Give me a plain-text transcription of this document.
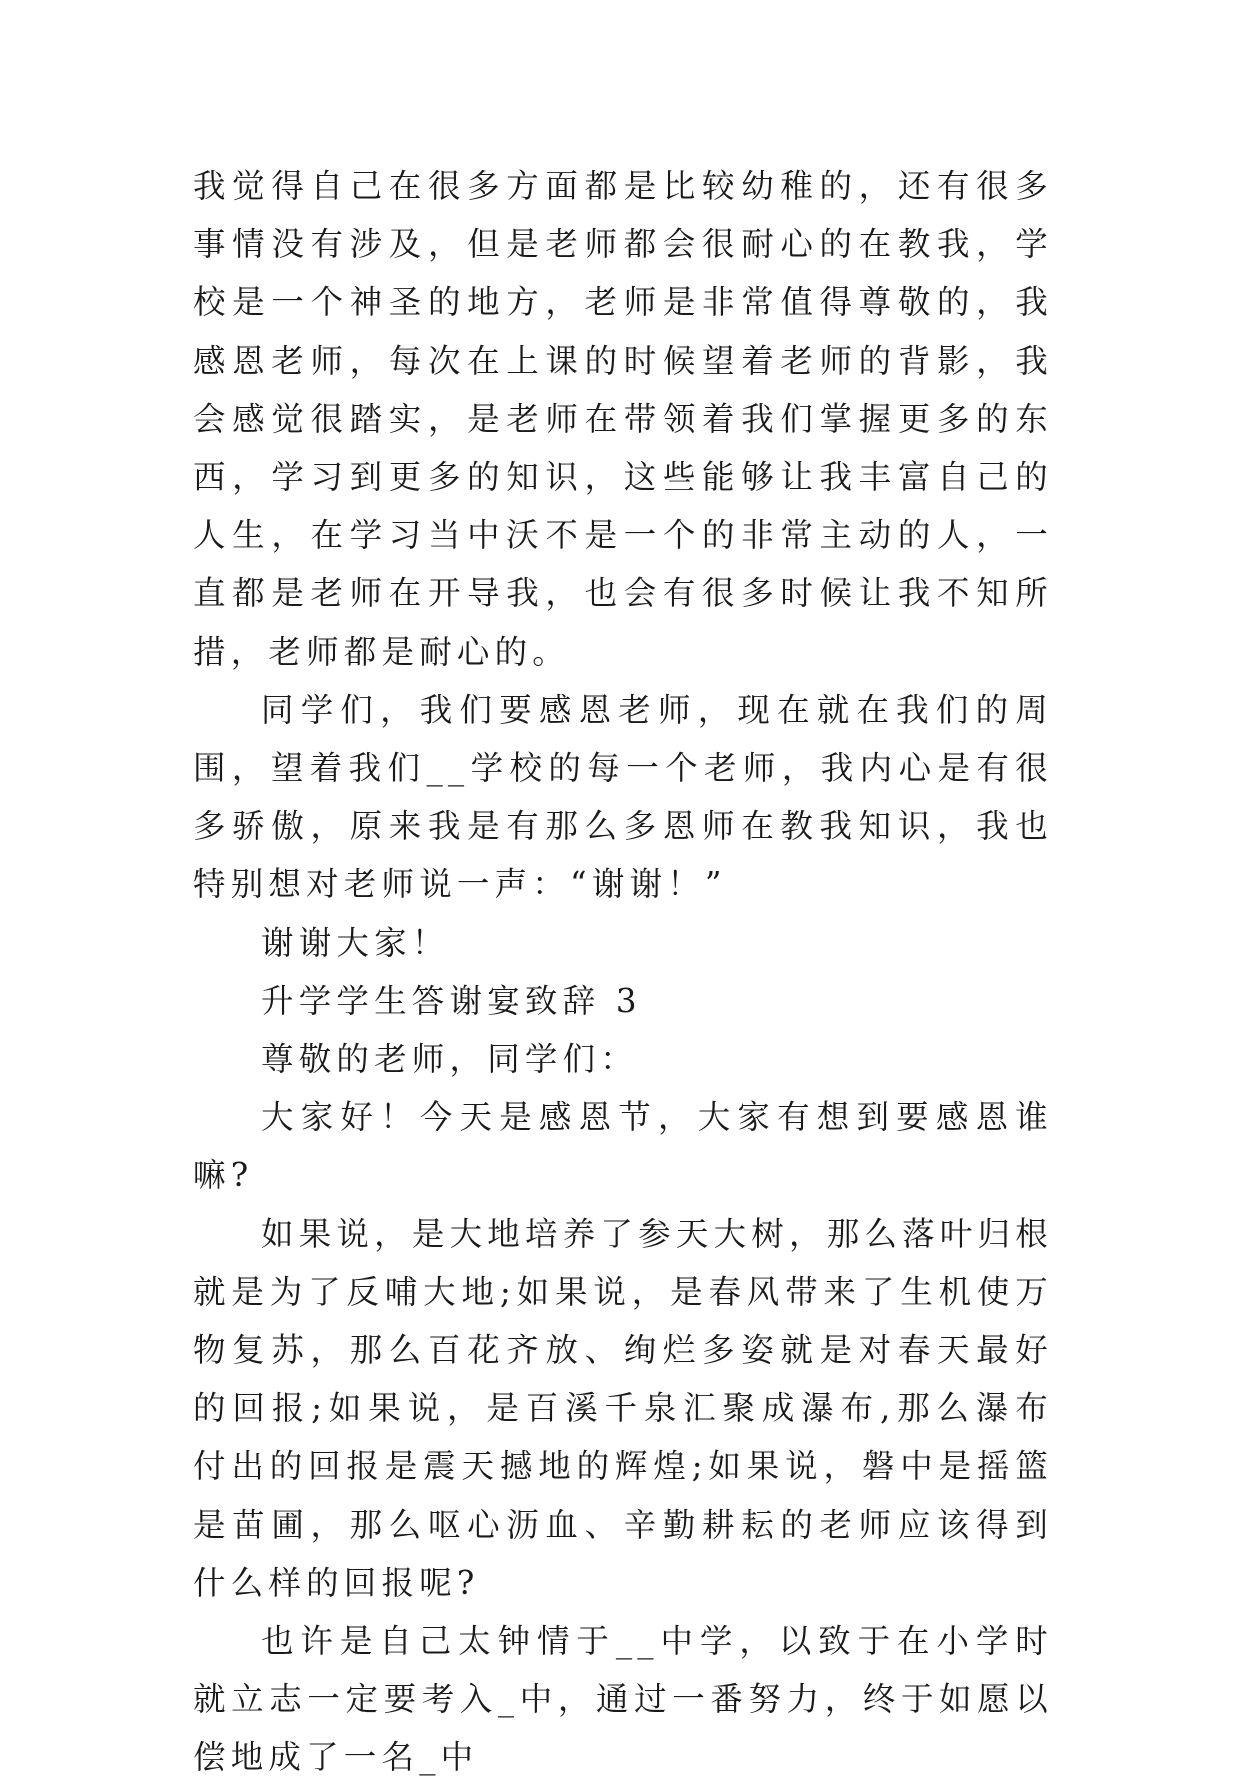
我觉得自己在很多方面都是比较幼稚的，还有很多事情没有涉及，但是老师都会很耐心的在教我，学校是一个神圣的地方，老师是非常值得尊敬的，我感恩老师，每次在上课的时候望着老师的背影，我会感觉很踏实，是老师在带领着我们掌握更多的东西，学习到更多的知识，这些能够让我丰富自己的人生，在学习当中沃不是一个的非常主动的人，一直都是老师在开导我，也会有很多时候让我不知所措，老师都是耐心的。

同学们，我们要感恩老师，现在就在我们的周围，望着我们__学校的每一个老师，我内心是有很多骄傲，原来我是有那么多恩师在教我知识，我也特别想对老师说一声：“谢谢！”

谢谢大家！

升学学生答谢宴致辞 3

尊敬的老师，同学们：

大家好！今天是感恩节，大家有想到要感恩谁嘛?

如果说，是大地培养了参天大树，那么落叶归根就是为了反哺大地;如果说，是春风带来了生机使万物复苏，那么百花齐放、绚烂多姿就是对春天最好的回报;如果说，是百溪千泉汇聚成瀑布,那么瀑布付出的回报是震天撼地的辉煌;如果说，磐中是摇篮是苗圃，那么呕心沥血、辛勤耕耘的老师应该得到什么样的回报呢?

也许是自己太钟情于__中学，以致于在小学时就立志一定要考入_中，通过一番努力，终于如愿以偿地成了一名_中
